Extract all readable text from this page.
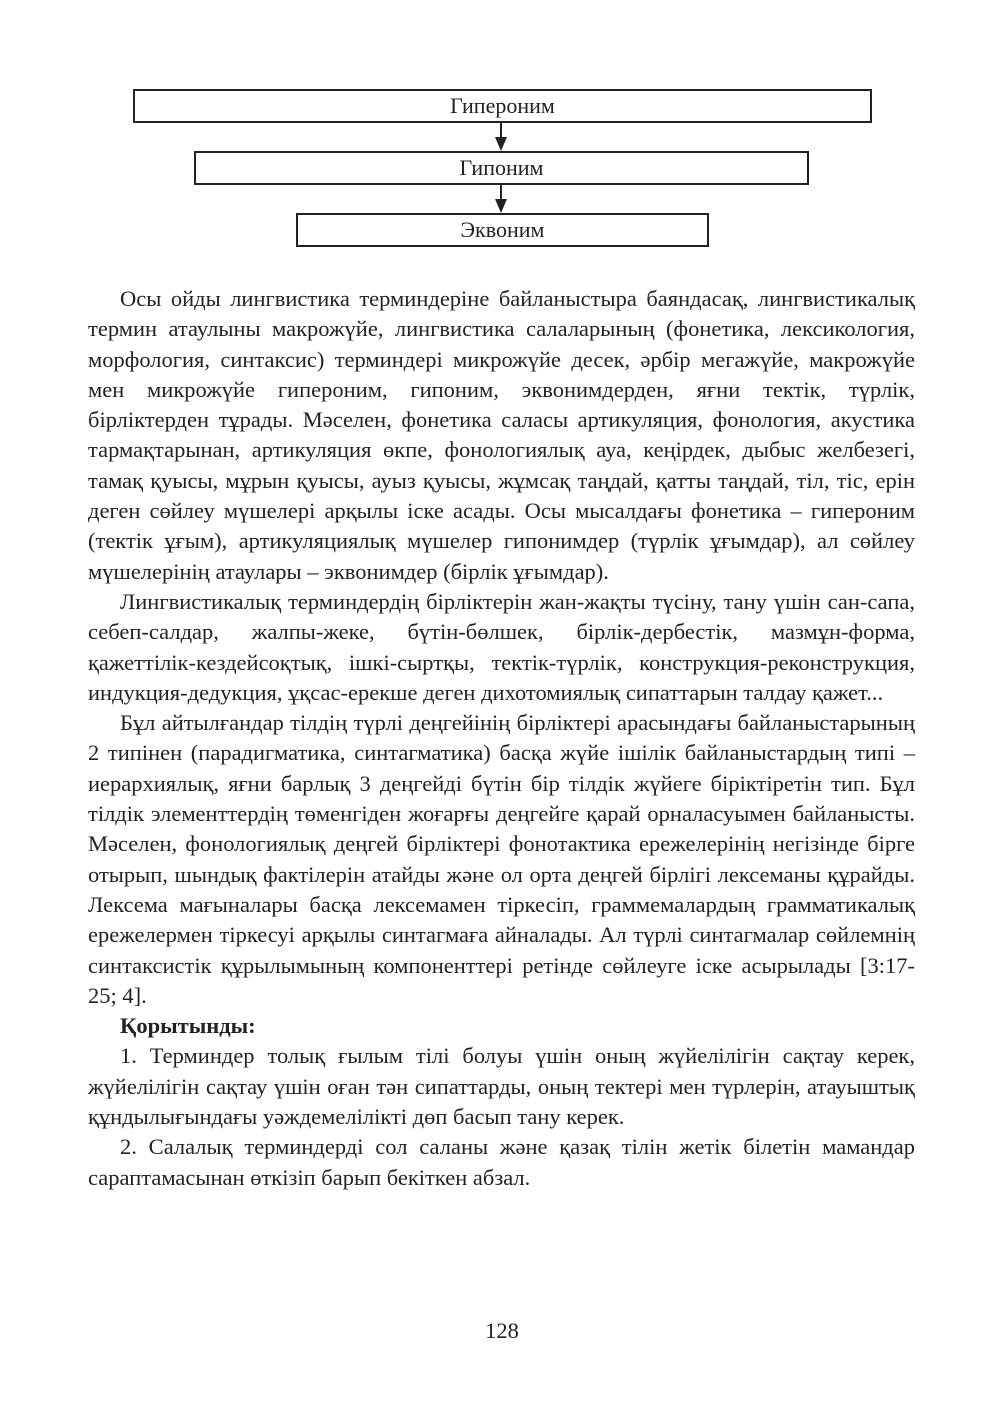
Гипероним
Гипоним
Эквоним

Осы ойды лингвистика терминдеріне байланыстыра баяндасақ, лингвистикалық термин атаулыны макрожүйе, лингвистика салаларының (фонетика, лексикология, морфология, синтаксис) терминдері микрожүйе десек, әрбір мегажүйе, макрожүйе мен микрожүйе гипероним, гипоним, эквонимдерден, яғни тектік, түрлік, бірліктерден тұрады. Мәселен, фонетика саласы артикуляция, фонология, акустика тармақтарынан, артикуляция өкпе, фонологиялық ауа, кеңірдек, дыбыс желбезегі, тамақ қуысы, мұрын қуысы, ауыз қуысы, жұмсақ таңдай, қатты таңдай, тіл, тіс, ерін деген сөйлеу мүшелері арқылы іске асады. Осы мысалдағы фонетика – гипероним (тектік ұғым), артикуляциялық мүшелер гипонимдер (түрлік ұғымдар), ал сөйлеу мүшелерінің атаулары – эквонимдер (бірлік ұғымдар).

Лингвистикалық терминдердің бірліктерін жан-жақты түсіну, тану үшін сан-сапа, себеп-салдар, жалпы-жеке, бүтін-бөлшек, бірлік-дербестік, мазмұн-форма, қажеттілік-кездейсоқтық, ішкі-сыртқы, тектік-түрлік, конструкция-реконструкция, индукция-дедукция, ұқсас-ерекше деген дихотомиялық сипаттарын талдау қажет...

Бұл айтылғандар тілдің түрлі деңгейінің бірліктері арасындағы байланыстарының 2 типінен (парадигматика, синтагматика) басқа жүйе ішілік байланыстардың типі – иерархиялық, яғни барлық 3 деңгейді бүтін бір тілдік жүйеге біріктіретін тип. Бұл тілдік элементтердің төменгіден жоғарғы деңгейге қарай орналасуымен байланысты. Мәселен, фонологиялық деңгей бірліктері фонотактика ережелерінің негізінде бірге отырып, шындық фактілерін атайды және ол орта деңгей бірлігі лексеманы құрайды. Лексема мағыналары басқа лексемамен тіркесіп, граммемалардың грамматикалық ережелермен тіркесуі арқылы синтагмаға айналады. Ал түрлі синтагмалар сөйлемнің синтаксистік құрылымының компоненттері ретінде сөйлеуге іске асырылады [3:17-25; 4].

Қорытынды:

1. Терминдер толық ғылым тілі болуы үшін оның жүйелілігін сақтау керек, жүйелілігін сақтау үшін оған тән сипаттарды, оның тектері мен түрлерін, атауыштық құндылығындағы уәждемелілікті дөп басып тану керек.

2. Салалық терминдерді сол саланы және қазақ тілін жетік білетін мамандар сараптамасынан өткізіп барып бекіткен абзал.

128
